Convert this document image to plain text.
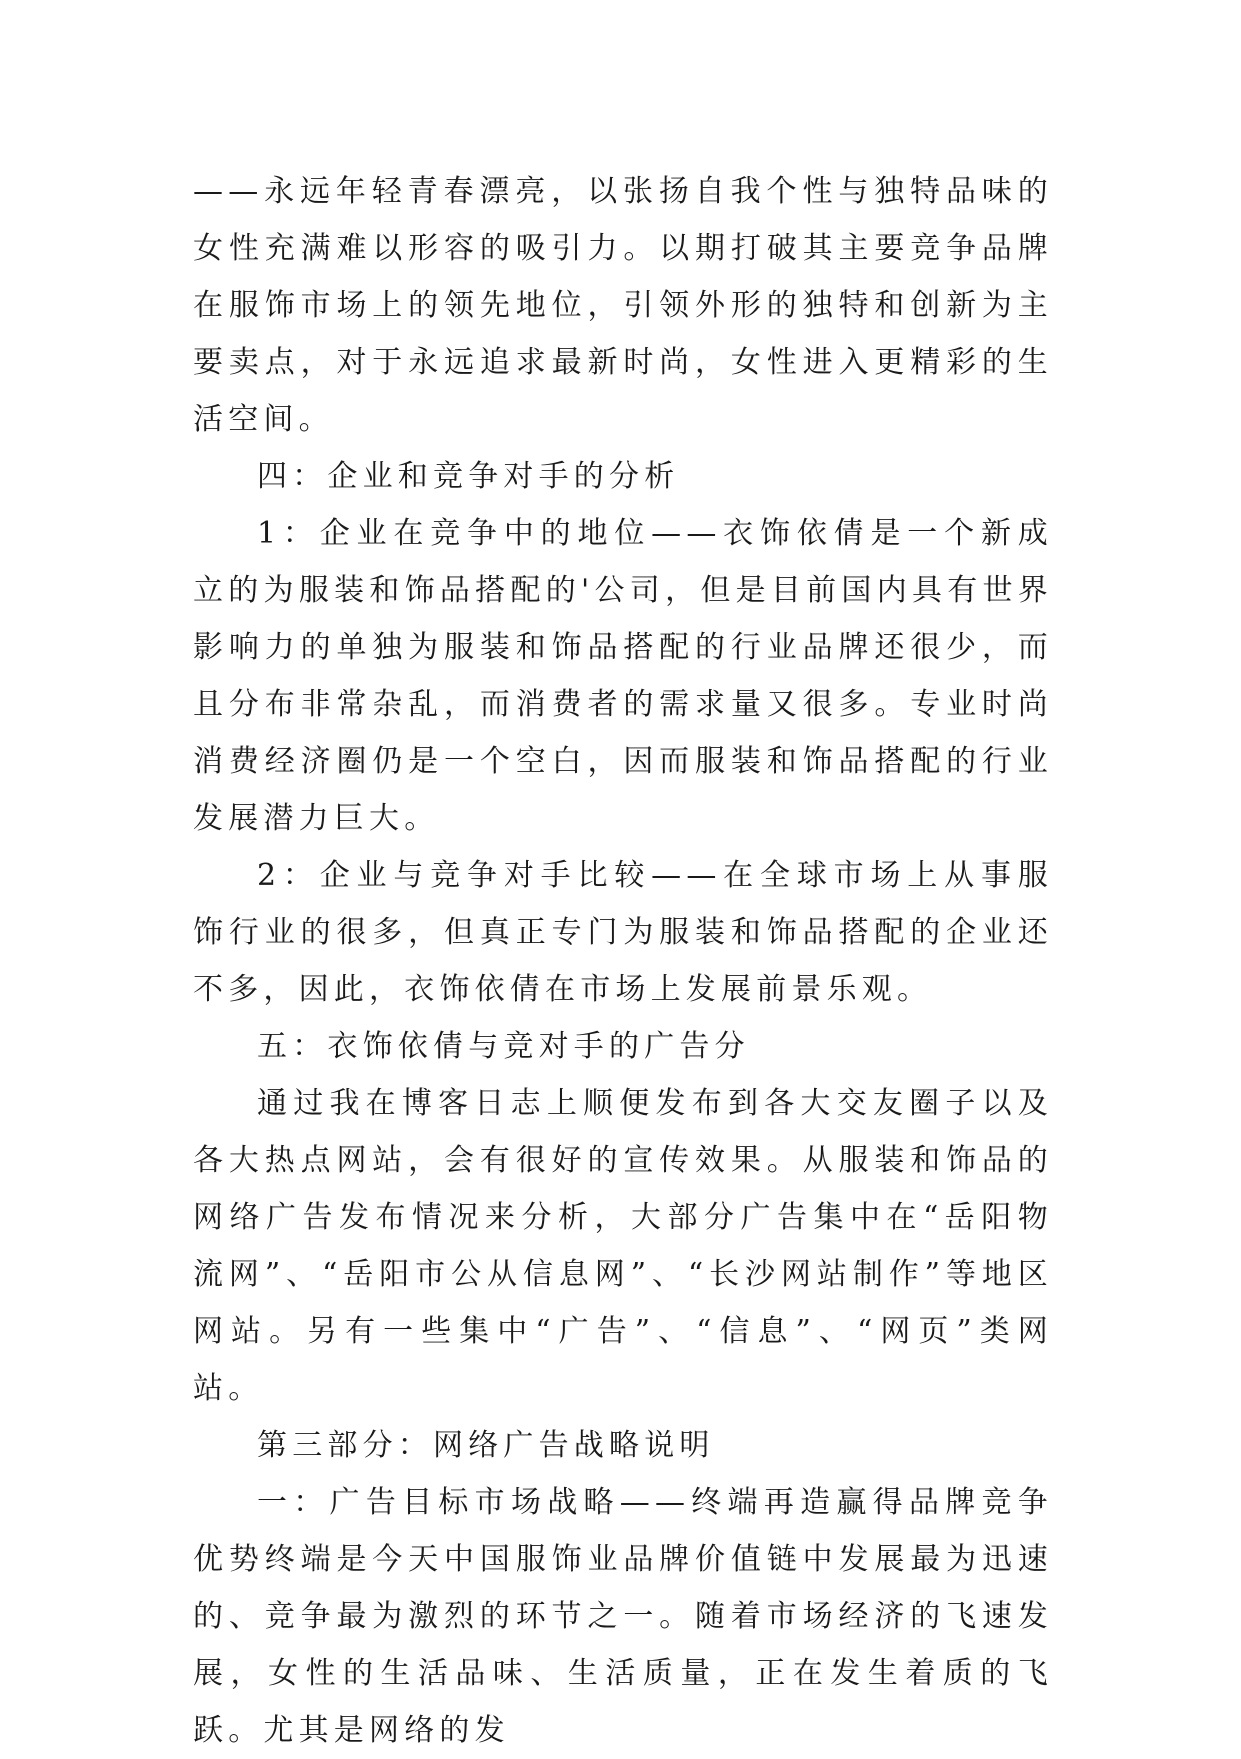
——永远年轻青春漂亮，以张扬自我个性与独特品味的女性充满难以形容的吸引力。以期打破其主要竞争品牌在服饰市场上的领先地位，引领外形的独特和创新为主要卖点，对于永远追求最新时尚，女性进入更精彩的生活空间。

四：企业和竞争对手的分析

1：企业在竞争中的地位——衣饰依倩是一个新成立的为服装和饰品搭配的'公司，但是目前国内具有世界影响力的单独为服装和饰品搭配的行业品牌还很少，而且分布非常杂乱，而消费者的需求量又很多。专业时尚消费经济圈仍是一个空白，因而服装和饰品搭配的行业发展潜力巨大。

2：企业与竞争对手比较——在全球市场上从事服饰行业的很多，但真正专门为服装和饰品搭配的企业还不多，因此，衣饰依倩在市场上发展前景乐观。

五：衣饰依倩与竞对手的广告分

通过我在博客日志上顺便发布到各大交友圈子以及各大热点网站，会有很好的宣传效果。从服装和饰品的网络广告发布情况来分析，大部分广告集中在“岳阳物流网”、“岳阳市公从信息网”、“长沙网站制作”等地区网站。另有一些集中“广告”、“信息”、“网页”类网站。

第三部分：网络广告战略说明

一：广告目标市场战略——终端再造赢得品牌竞争优势终端是今天中国服饰业品牌价值链中发展最为迅速的、竞争最为激烈的环节之一。随着市场经济的飞速发展，女性的生活品味、生活质量，正在发生着质的飞跃。尤其是网络的发
